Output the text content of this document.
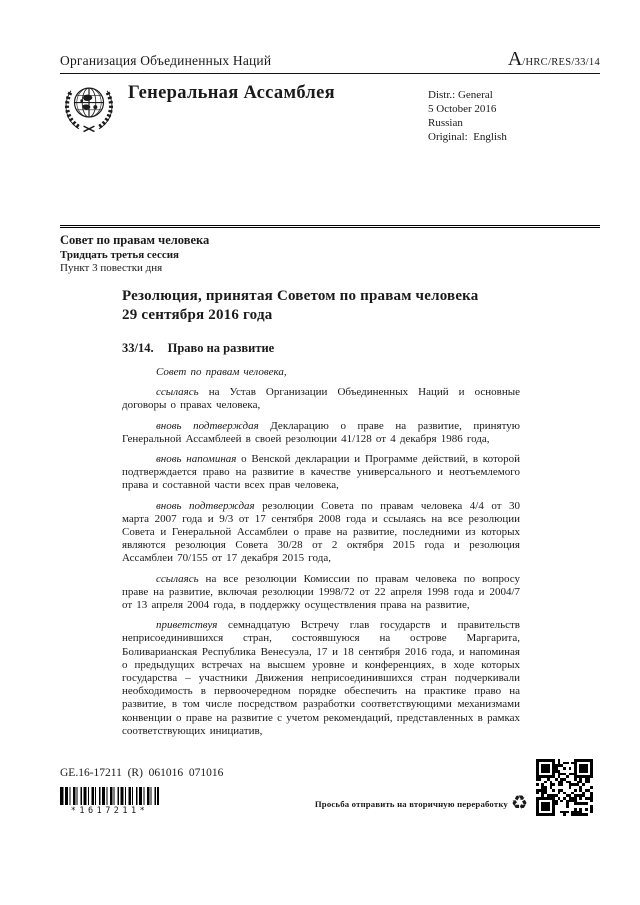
Организация Объединенных Наций	A/HRC/RES/33/14
Генеральная Ассамблея	Distr.: General
5 October 2016
Russian
Original:  English
Совет по правам человека
Тридцать третья сессия
Пункт 3 повестки дня
Резолюция, принятая Советом по правам человека
29 сентября 2016 года
33/14. Право на развитие

Совет по правам человека,

ссылаясь на Устав Организации Объединенных Наций и основные договоры о правах человека,

вновь подтверждая Декларацию о праве на развитие, принятую Генеральной Ассамблеей в своей резолюции 41/128 от 4 декабря 1986 года,

вновь напоминая о Венской декларации и Программе действий, в которой подтверждается право на развитие в качестве универсального и неотъемлемого права и составной части всех прав человека,

вновь подтверждая резолюции Совета по правам человека 4/4 от 30 марта 2007 года и 9/3 от 17 сентября 2008 года и ссылаясь на все резолюции Совета и Генеральной Ассамблеи о праве на развитие, последними из которых являются резолюция Совета 30/28 от 2 октября 2015 года и резолюция Ассамблеи 70/155 от 17 декабря 2015 года,

ссылаясь на все резолюции Комиссии по правам человека по вопросу праве на развитие, включая резолюции 1998/72 от 22 апреля 1998 года и 2004/7 от 13 апреля 2004 года, в поддержку осуществления права на развитие,

приветствуя семнадцатую Встречу глав государств и правительств неприсоединившихся стран, состоявшуюся на острове Маргарита, Боливарианская Республика Венесуэла, 17 и 18 сентября 2016 года, и напоминая о предыдущих встречах на высшем уровне и конференциях, в ходе которых государства – участники Движения неприсоединившихся стран подчеркивали необходимость в первоочередном порядке обеспечить на практике право на развитие, в том числе посредством разработки соответствующими механизмами конвенции о праве на развитие с учетом рекомендаций, представленных в рамках соответствующих инициатив,

GE.16-17211  (R)  061016  071016
*1617211*
Просьба отправить на вторичную переработку ♻
